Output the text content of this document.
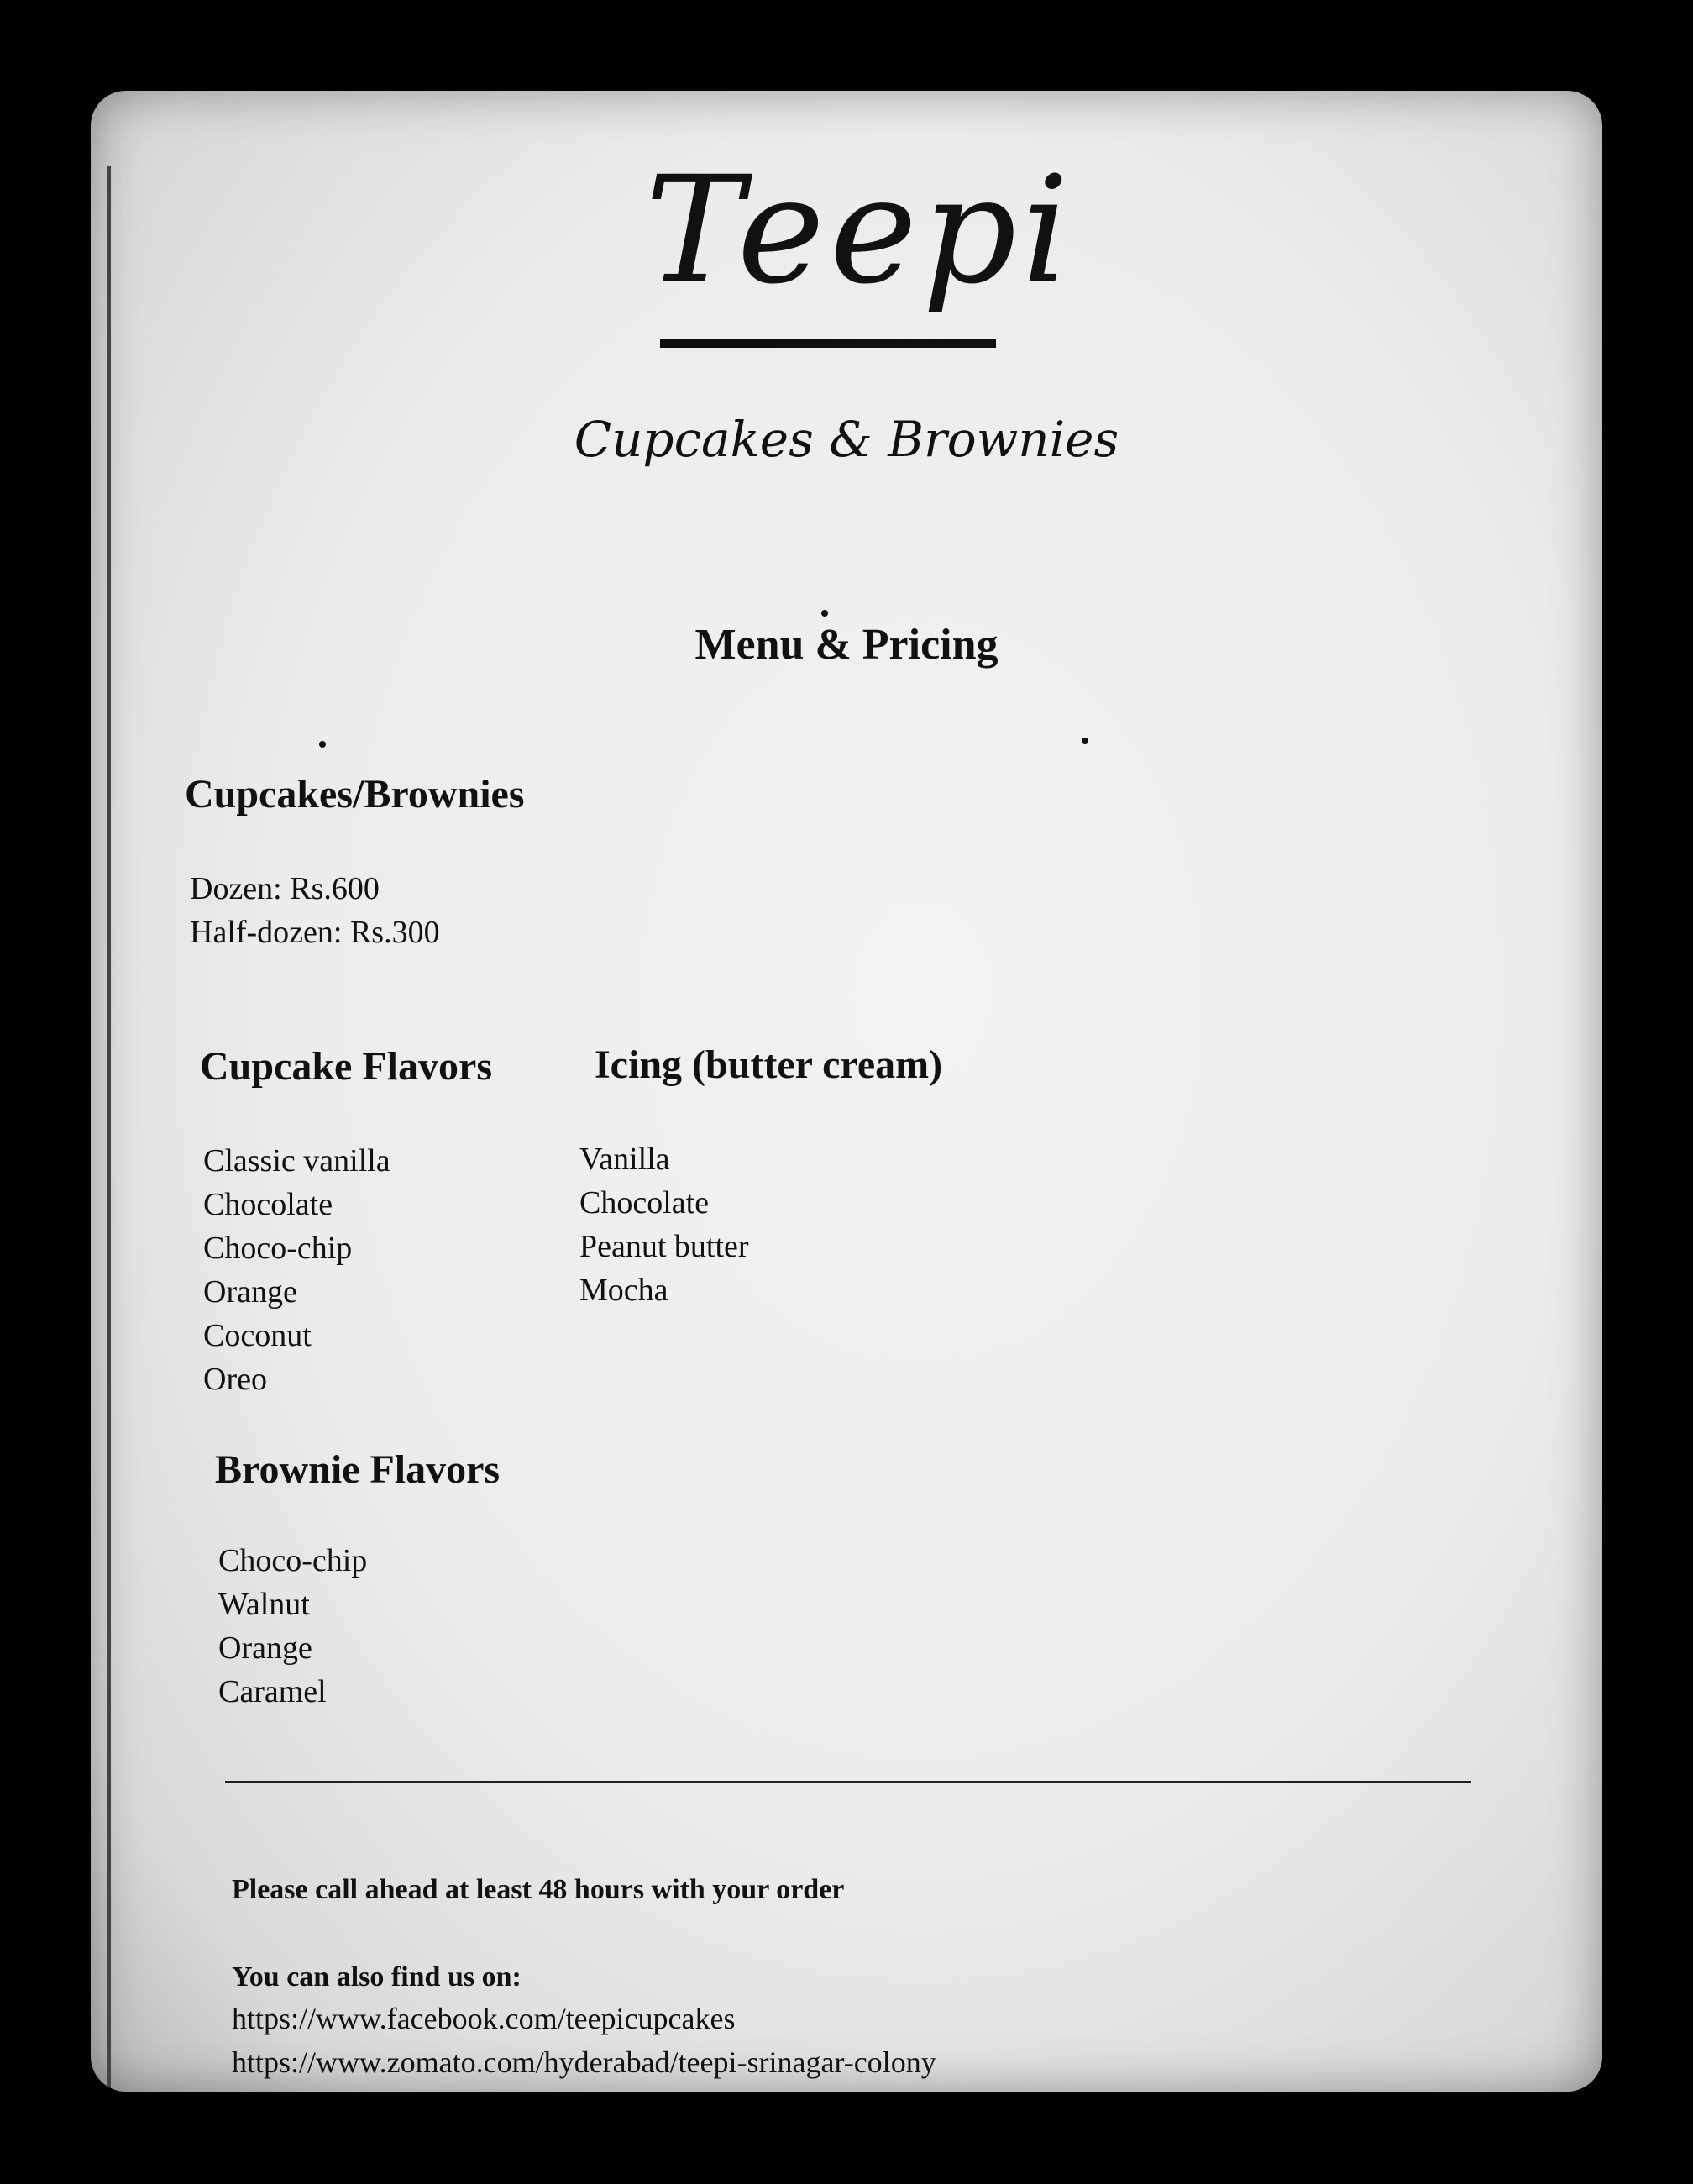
Teepi
Cupcakes & Brownies
Menu & Pricing
Cupcakes/Brownies
Dozen: Rs.600
Half-dozen: Rs.300
Cupcake Flavors
Classic vanilla
Chocolate
Choco-chip
Orange
Coconut
Oreo
Icing (butter cream)
Vanilla
Chocolate
Peanut butter
Mocha
Brownie Flavors
Choco-chip
Walnut
Orange
Caramel
Please call ahead at least 48 hours with your order
You can also find us on:
https://www.facebook.com/teepicupcakes
https://www.zomato.com/hyderabad/teepi-srinagar-colony
